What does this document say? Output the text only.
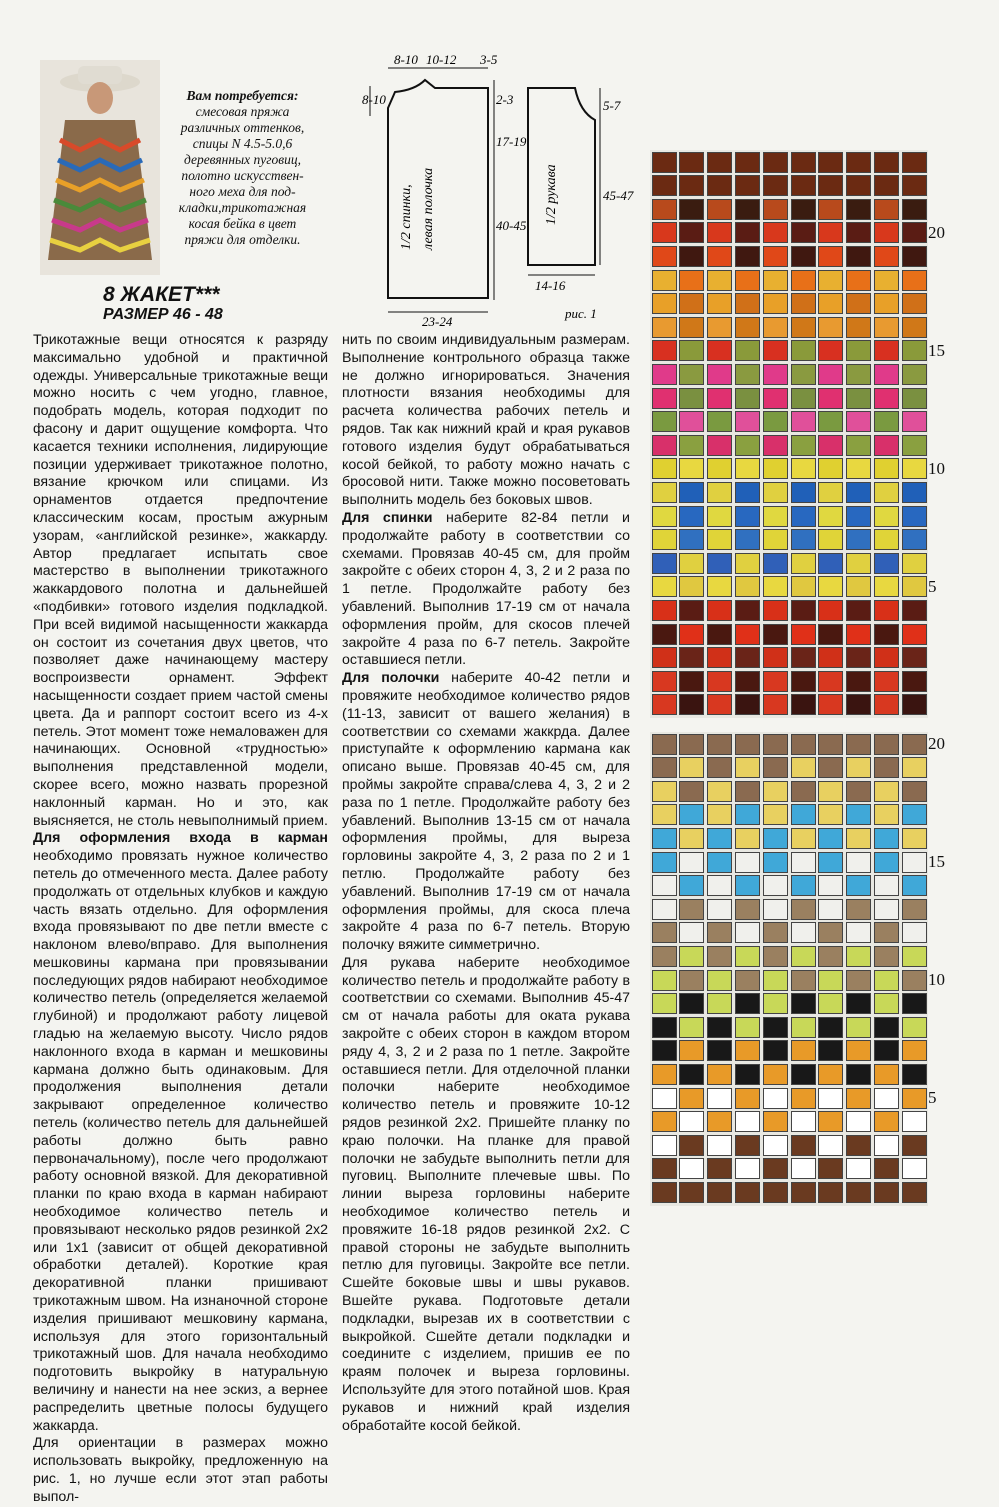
Вам потребуется:
смесовая пряжа
различных оттенков,
спицы N 4.5-5.0,6
деревянных пуговиц,
полотно искусствен-
ного меха для под-
кладки,трикотажная
косая бейка в цвет
пряжи для отделки.
8 ЖАКЕТ***
РАЗМЕР 46 - 48
8-10 10-12 3-5
8-10	2-3
17-19
1/2 спинки, левая полочка	40-45
23-24
1/2 рукава
5-7
45-47
14-16
рис. 1

Трикотажные вещи относятся к разряду максимально удобной и практичной одежды. Универсальные трикотажные вещи можно носить с чем угодно, главное, подобрать модель, которая подходит по фасону и дарит ощущение комфорта. Что касается техники исполнения, лидирующие позиции удерживает трикотажное полотно, вязание крючком или спицами. Из орнаментов отдается предпочтение классическим косам, простым ажурным узорам, «английской резинке», жаккарду. Автор предлагает испытать свое мастерство в выполнении трикотажного жаккардового полотна и дальнейшей «подбивки» готового изделия подкладкой. При всей видимой насыщенности жаккарда он состоит из сочетания двух цветов, что позволяет даже начинающему мастеру воспроизвести орнамент. Эффект насыщенности создает прием частой смены цвета. Да и раппорт состоит всего из 4-х петель. Этот момент тоже немаловажен для начинающих. Основной «трудностью» выполнения представленной модели, скорее всего, можно назвать прорезной наклонный карман. Но и это, как выясняется, не столь невыполнимый прием. Для оформления входа в карман необходимо провязать нужное количество петель до отмеченного места. Далее работу продолжать от отдельных клубков и каждую часть вязать отдельно. Для оформления входа провязывают по две петли вместе с наклоном влево/вправо. Для выполнения мешковины кармана при провязывании последующих рядов набирают необходимое количество петель (определяется желаемой глубиной) и продолжают работу лицевой гладью на желаемую высоту. Число рядов наклонного входа в карман и мешковины кармана должно быть одинаковым. Для продолжения выполнения детали закрывают определенное количество петель (количество петель для дальнейшей работы должно быть равно первоначальному), после чего продолжают работу основной вязкой. Для декоративной планки по краю входа в карман набирают необходимое количество петель и провязывают несколько рядов резинкой 2х2 или 1х1 (зависит от общей декоративной обработки деталей). Короткие края декоративной планки пришивают трикотажным швом. На изнаночной стороне изделия пришивают мешковину кармана, используя для этого горизонтальный трикотажный шов. Для начала необходимо подготовить выкройку в натуральную величину и нанести на нее эскиз, а вернее распределить цветные полосы будущего жаккарда.

Для ориентации в размерах можно использовать выкройку, предложенную на рис. 1, но лучше если этот этап работы выпол-

нить по своим индивидуальным размерам. Выполнение контрольного образца также не должно игнорироваться. Значения плотности вязания необходимы для расчета количества рабочих петель и рядов. Так как нижний край и края рукавов готового изделия будут обрабатываться косой бейкой, то работу можно начать с бросовой нити. Также можно посоветовать выполнить модель без боковых швов.

Для спинки наберите 82-84 петли и продолжайте работу в соответствии со схемами. Провязав 40-45 см, для пройм закройте с обеих сторон 4, 3, 2 и 2 раза по 1 петле. Продолжайте работу без убавлений. Выполнив 17-19 см от начала оформления пройм, для скосов плечей закройте 4 раза по 6-7 петель. Закройте оставшиеся петли.

Для полочки наберите 40-42 петли и провяжите необходимое количество рядов (11-13, зависит от вашего желания) в соответствии со схемами жаккрда. Далее приступайте к оформлению кармана как описано выше. Провязав 40-45 см, для проймы закройте справа/слева 4, 3, 2 и 2 раза по 1 петле. Продолжайте работу без убавлений. Выполнив 13-15 см от начала оформления проймы, для выреза горловины закройте 4, 3, 2 раза по 2 и 1 петлю. Продолжайте работу без убавлений. Выполнив 17-19 см от начала оформления проймы, для скоса плеча закройте 4 раза по 6-7 петель. Вторую полочку вяжите симметрично.

Для рукава наберите необходимое количество петель и продолжайте работу в соответствии со схемами. Выполнив 45-47 см от начала работы для оката рукава закройте с обеих сторон в каждом втором ряду 4, 3, 2 и 2 раза по 1 петле. Закройте оставшиеся петли. Для отделочной планки полочки наберите необходимое количество петель и провяжите 10-12 рядов резинкой 2х2. Пришейте планку по краю полочки. На планке для правой полочки не забудьте выполнить петли для пуговиц. Выполните плечевые швы. По линии выреза горловины наберите необходимое количество петель и провяжите 16-18 рядов резинкой 2х2. С правой стороны не забудьте выполнить петлю для пуговицы. Закройте все петли. Сшейте боковые швы и швы рукавов. Вшейте рукава. Подготовьте детали подкладки, вырезав их в соответствии с выкройкой. Сшейте детали подкладки и соедините с изделием, пришив ее по краям полочек и выреза горловины. Используйте для этого потайной шов. Края рукавов и нижний край изделия обработайте косой бейкой.

20
15
10
5
20
15
10
5
